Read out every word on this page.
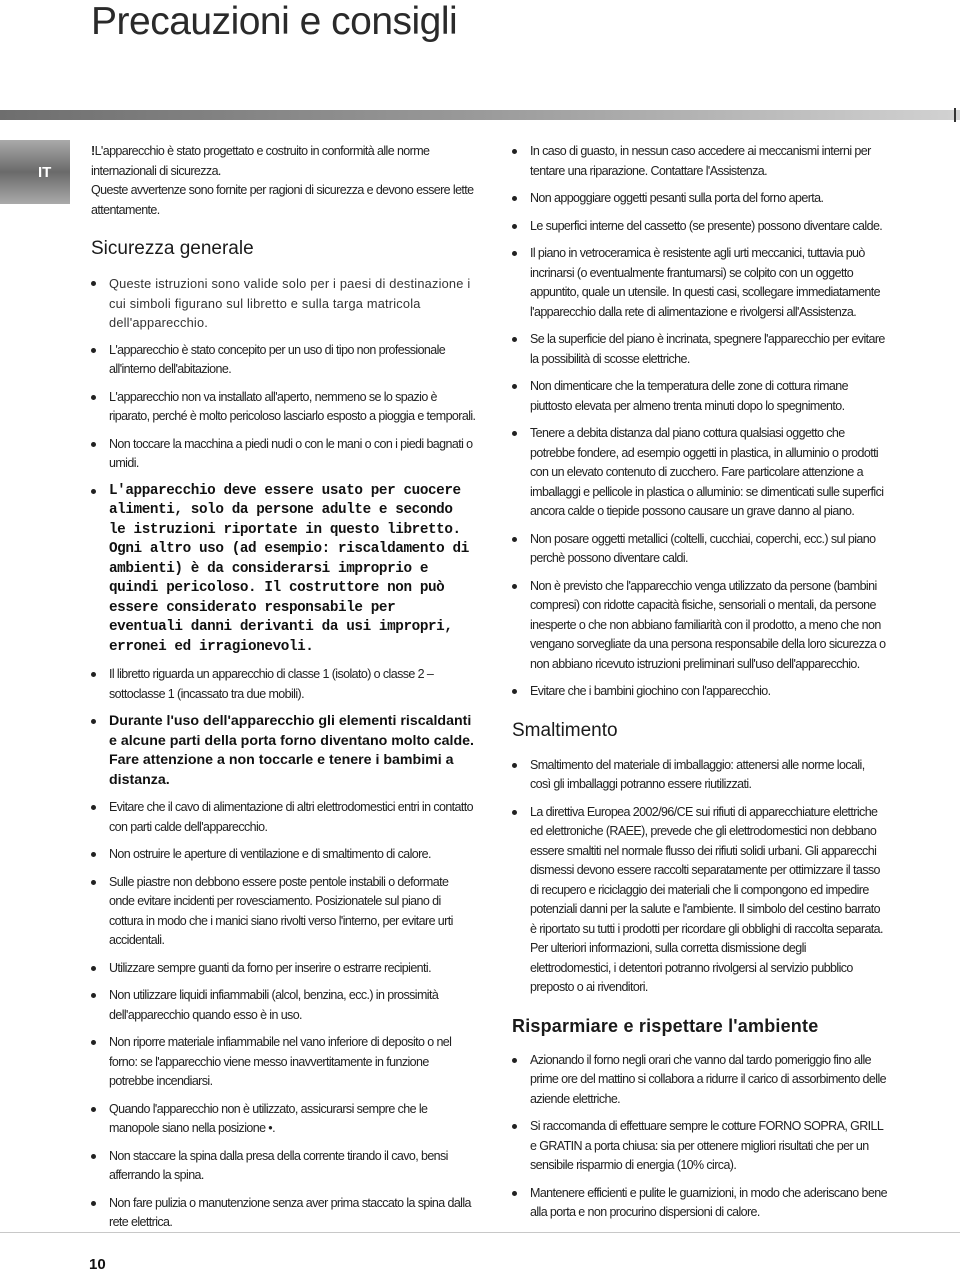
Precauzioni e consigli
IT

!L'apparecchio è stato progettato e costruito in conformità alle norme internazionali di sicurezza.

Queste avvertenze sono fornite per ragioni di sicurezza e devono essere lette attentamente.

Sicurezza generale
Queste istruzioni sono valide solo per i paesi di destinazione i cui simboli figurano sul libretto e sulla targa matricola dell'apparecchio.
L'apparecchio è stato concepito per un uso di tipo non professionale all'interno dell'abitazione.
L'apparecchio non va installato all'aperto, nemmeno se lo spazio è riparato, perché è molto pericoloso lasciarlo esposto a pioggia e temporali.
Non toccare la macchina a piedi nudi o con le mani o con i piedi bagnati o umidi.
L'apparecchio deve essere usato per cuocere alimenti, solo da persone adulte e secondo le istruzioni riportate in questo libretto. Ogni altro uso (ad esempio: riscaldamento di ambienti) è da considerarsi improprio e quindi pericoloso. Il costruttore non può essere considerato responsabile per eventuali danni derivanti da usi impropri, erronei ed irragionevoli.
Il libretto riguarda un apparecchio di classe 1 (isolato) o classe 2 – sottoclasse 1 (incassato tra due mobili).
Durante l'uso dell'apparecchio gli elementi riscaldanti e alcune parti della porta forno diventano molto calde. Fare attenzione a non toccarle e tenere i bambimi a distanza.
Evitare che il cavo di alimentazione di altri elettrodomestici entri in contatto con parti calde dell'apparecchio.
Non ostruire le aperture di ventilazione e di smaltimento di calore.
Sulle piastre non debbono essere poste pentole instabili o deformate onde evitare incidenti per rovesciamento. Posizionatele sul piano di cottura in modo che i manici siano rivolti verso l'interno, per evitare urti accidentali.
Utilizzare sempre guanti da forno per inserire o estrarre recipienti.
Non utilizzare liquidi infiammabili (alcol, benzina, ecc.) in prossimità dell'apparecchio quando esso è in uso.
Non riporre materiale infiammabile nel vano inferiore di deposito o nel forno: se l'apparecchio viene messo inavvertitamente in funzione potrebbe incendiarsi.
Quando l'apparecchio non è utilizzato, assicurarsi sempre che le manopole siano nella posizione •.
Non staccare la spina dalla presa della corrente tirando il cavo, bensi afferrando la spina.
Non fare pulizia o manutenzione senza aver prima staccato la spina dalla rete elettrica.
In caso di guasto, in nessun caso accedere ai meccanismi interni per tentare una riparazione. Contattare l'Assistenza.
Non appoggiare oggetti pesanti sulla porta del forno aperta.
Le superfici interne del cassetto (se presente) possono diventare calde.
Il piano in vetroceramica è resistente agli urti meccanici, tuttavia può incrinarsi (o eventualmente frantumarsi) se colpito con un oggetto appuntito, quale un utensile. In questi casi, scollegare immediatamente l'apparecchio dalla rete di alimentazione e rivolgersi all'Assistenza.
Se la superficie del piano è incrinata, spegnere l'apparecchio per evitare la possibilità di scosse elettriche.
Non dimenticare che la temperatura delle zone di cottura rimane piuttosto elevata per almeno trenta minuti dopo lo spegnimento.
Tenere a debita distanza dal piano cottura qualsiasi oggetto che potrebbe fondere, ad esempio oggetti in plastica, in alluminio o prodotti con un elevato contenuto di zucchero. Fare particolare attenzione a imballaggi e pellicole in plastica o alluminio: se dimenticati sulle superfici ancora calde o tiepide possono causare un grave danno al piano.
Non posare oggetti metallici (coltelli, cucchiai, coperchi, ecc.) sul piano perchè possono diventare caldi.
Non è previsto che l'apparecchio venga utilizzato da persone (bambini compresi) con ridotte capacità fisiche, sensoriali o mentali, da persone inesperte o che non abbiano familiarità con il prodotto, a meno che non vengano sorvegliate da una persona responsabile della loro sicurezza o non abbiano ricevuto istruzioni preliminari sull'uso dell'apparecchio.
Evitare che i bambini giochino con l'apparecchio.
Smaltimento
Smaltimento del materiale di imballaggio: attenersi alle norme locali, così gli imballaggi potranno essere riutilizzati.
La direttiva Europea 2002/96/CE sui rifiuti di apparecchiature elettriche ed elettroniche (RAEE), prevede che gli elettrodomestici non debbano essere smaltiti nel normale flusso dei rifiuti solidi urbani. Gli apparecchi dismessi devono essere raccolti separatamente per ottimizzare il tasso di recupero e riciclaggio dei materiali che li compongono ed impedire potenziali danni per la salute e l'ambiente. Il simbolo del cestino barrato è riportato su tutti i prodotti per ricordare gli obblighi di raccolta separata. Per ulteriori informazioni, sulla corretta dismissione degli elettrodomestici, i detentori potranno rivolgersi al servizio pubblico preposto o ai rivenditori.
Risparmiare e rispettare l'ambiente
Azionando il forno negli orari che vanno dal tardo pomeriggio fino alle prime ore del mattino si collabora a ridurre il carico di assorbimento delle aziende elettriche.
Si raccomanda di effettuare sempre le cotture FORNO SOPRA, GRILL e GRATIN a porta chiusa: sia per ottenere migliori risultati che per un sensibile risparmio di energia (10% circa).
Mantenere efficienti e pulite le guarnizioni, in modo che aderiscano bene alla porta e non procurino dispersioni di calore.
10
